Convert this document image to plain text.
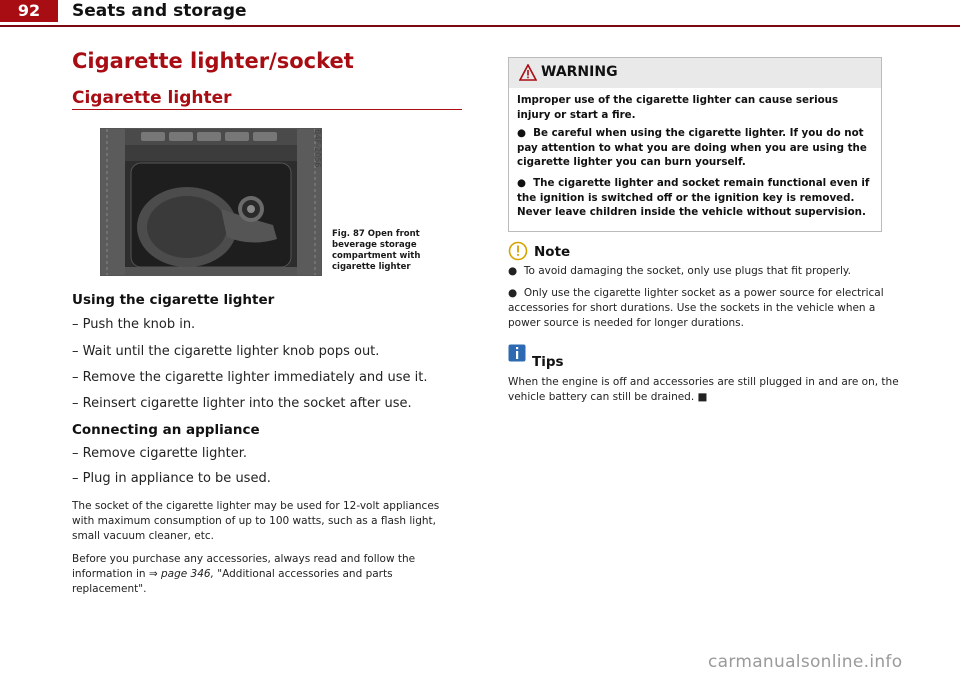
92	Seats and storage
Cigarette lighter/socket
Cigarette lighter
B4F-2056
Fig. 87 Open front beverage storage compartment with cigarette lighter
Using the cigarette lighter
– Push the knob in.
– Wait until the cigarette lighter knob pops out.
– Remove the cigarette lighter immediately and use it.
– Reinsert cigarette lighter into the socket after use.
Connecting an appliance
– Remove cigarette lighter.
– Plug in appliance to be used.
The socket of the cigarette lighter may be used for 12-volt appliances with maximum consumption of up to 100 watts, such as a flash light, small vacuum cleaner, etc.
Before you purchase any accessories, always read and follow the information in ⇒ page 346, "Additional accessories and parts replacement".
WARNING
Improper use of the cigarette lighter can cause serious injury or start a fire.
●  Be careful when using the cigarette lighter. If you do not pay attention to what you are doing when you are using the cigarette lighter you can burn yourself.
●  The cigarette lighter and socket remain functional even if the ignition is switched off or the ignition key is removed. Never leave children inside the vehicle without supervision.
Note
●  To avoid damaging the socket, only use plugs that fit properly.
●  Only use the cigarette lighter socket as a power source for electrical accessories for short durations. Use the sockets in the vehicle when a power source is needed for longer durations.
Tips
When the engine is off and accessories are still plugged in and are on, the vehicle battery can still be drained. ■
carmanualsonline.info
